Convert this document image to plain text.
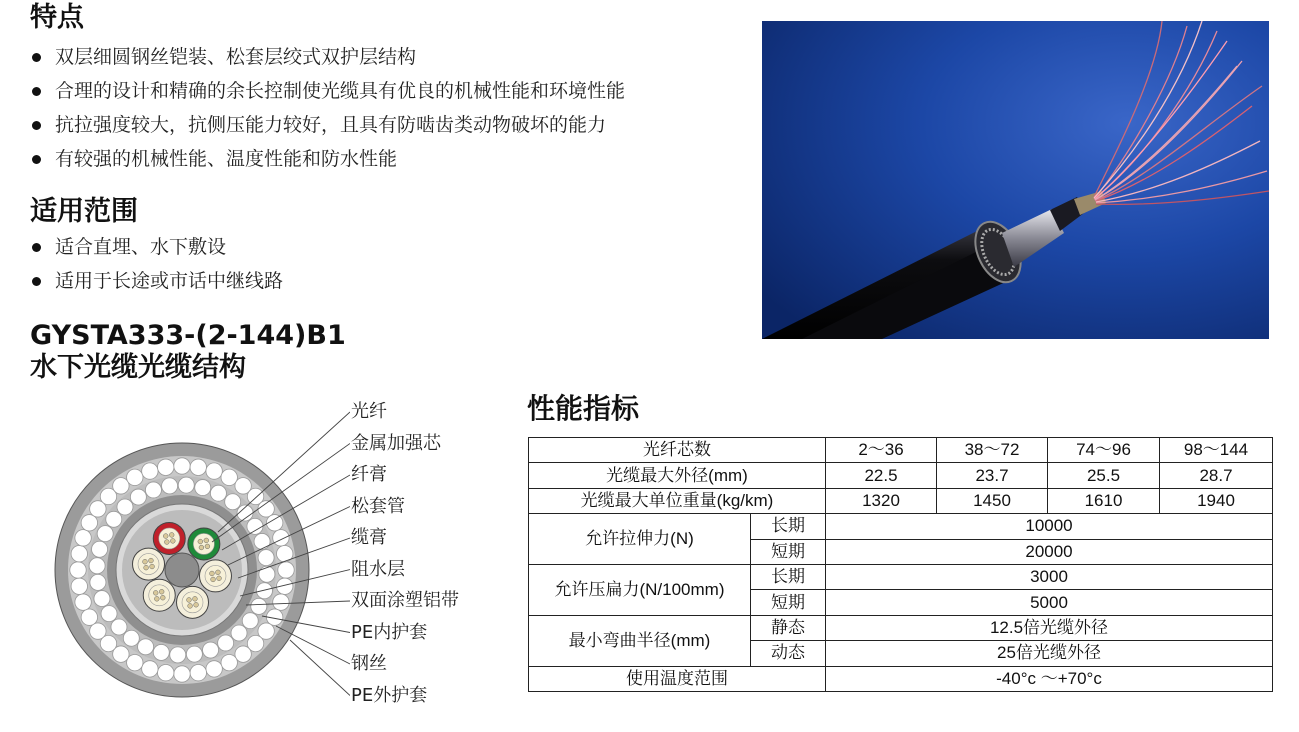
特点
双层细圆钢丝铠装、松套层绞式双护层结构
合理的设计和精确的余长控制使光缆具有优良的机械性能和环境性能
抗拉强度较大，抗侧压能力较好，且具有防啮齿类动物破坏的能力
有较强的机械性能、温度性能和防水性能
适用范围
适合直埋、水下敷设
适用于长途或市话中继线路
GYSTA333-(2-144)B1
水下光缆光缆结构
光纤
金属加强芯
纤膏
松套管
缆膏
阻水层
双面涂塑铝带
PE内护套
钢丝
PE外护套
性能指标
光纤芯数		2～36	38～72	74～96	98～144
光缆最大外径(mm)		22.5	23.7	25.5	28.7
光缆最大单位重量(kg/km)		1320	1450	1610	1940
允许拉伸力(N)	长期	10000			
	短期	20000			
允许压扁力(N/100mm)	长期	3000			
	短期	5000			
最小弯曲半径(mm)	静态	12.5倍光缆外径			
	动态	25倍光缆外径			
使用温度范围		-40°c ～+70°c			
